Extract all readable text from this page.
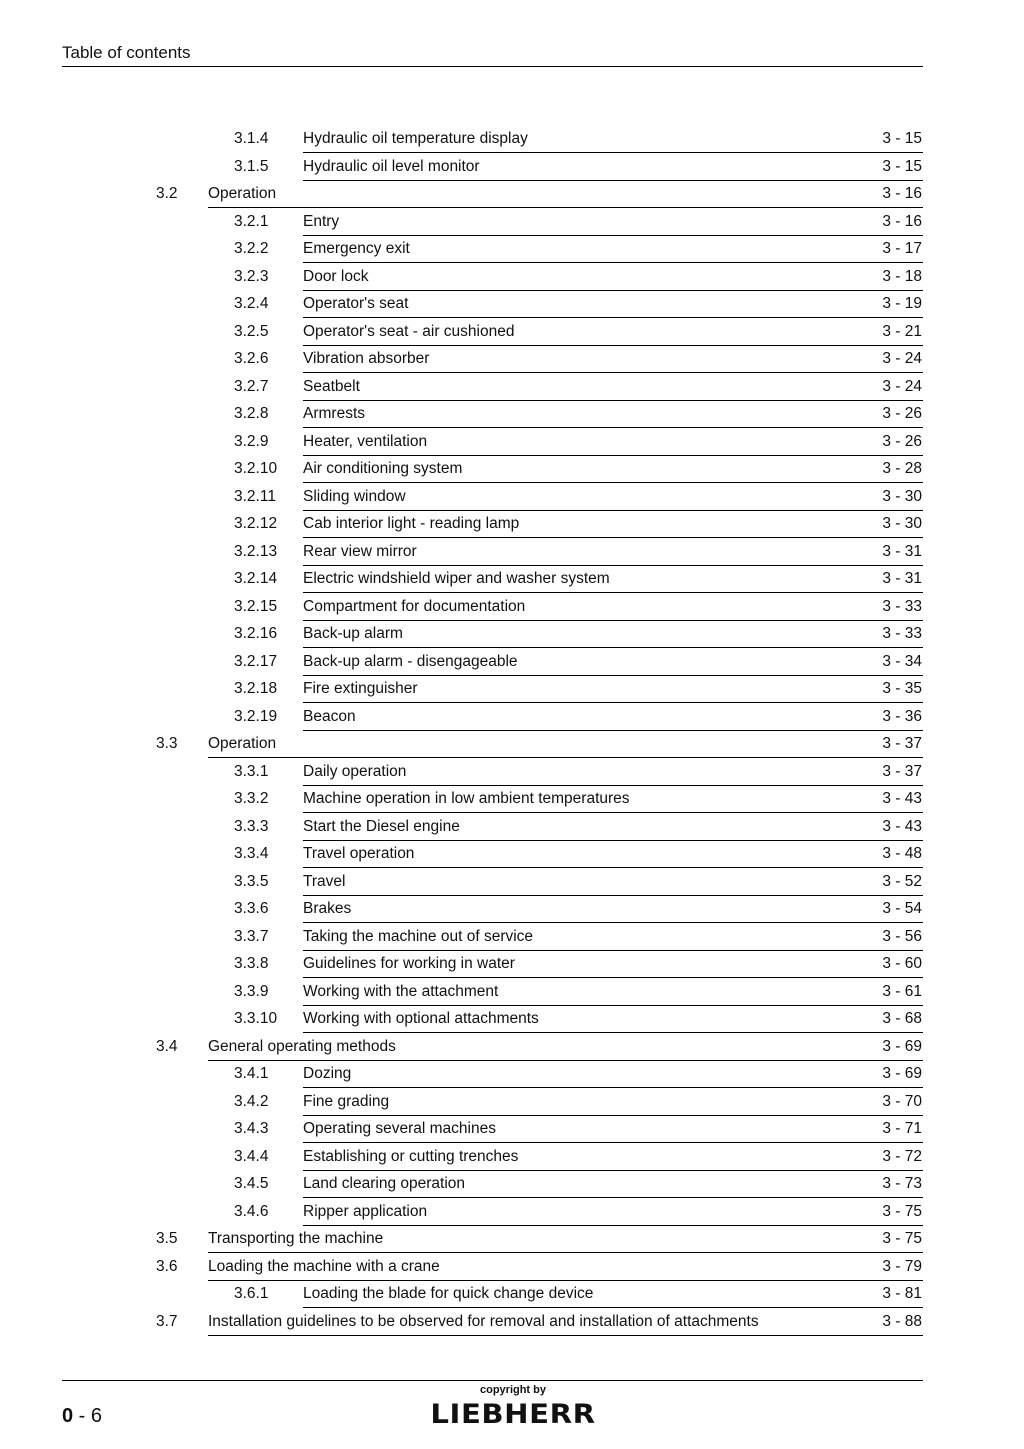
Table of contents
3.1.4 Hydraulic oil temperature display	3 - 15
3.1.5 Hydraulic oil level monitor	3 - 15
3.2 Operation	3 - 16
3.2.1 Entry	3 - 16
3.2.2 Emergency exit	3 - 17
3.2.3 Door lock	3 - 18
3.2.4 Operator's seat	3 - 19
3.2.5 Operator's seat - air cushioned	3 - 21
3.2.6 Vibration absorber	3 - 24
3.2.7 Seatbelt	3 - 24
3.2.8 Armrests	3 - 26
3.2.9 Heater, ventilation	3 - 26
3.2.10 Air conditioning system	3 - 28
3.2.11 Sliding window	3 - 30
3.2.12 Cab interior light - reading lamp	3 - 30
3.2.13 Rear view mirror	3 - 31
3.2.14 Electric windshield wiper and washer system	3 - 31
3.2.15 Compartment for documentation	3 - 33
3.2.16 Back-up alarm	3 - 33
3.2.17 Back-up alarm - disengageable	3 - 34
3.2.18 Fire extinguisher	3 - 35
3.2.19 Beacon	3 - 36
3.3 Operation	3 - 37
3.3.1 Daily operation	3 - 37
3.3.2 Machine operation in low ambient temperatures	3 - 43
3.3.3 Start the Diesel engine	3 - 43
3.3.4 Travel operation	3 - 48
3.3.5 Travel	3 - 52
3.3.6 Brakes	3 - 54
3.3.7 Taking the machine out of service	3 - 56
3.3.8 Guidelines for working in water	3 - 60
3.3.9 Working with the attachment	3 - 61
3.3.10 Working with optional attachments	3 - 68
3.4 General operating methods	3 - 69
3.4.1 Dozing	3 - 69
3.4.2 Fine grading	3 - 70
3.4.3 Operating several machines	3 - 71
3.4.4 Establishing or cutting trenches	3 - 72
3.4.5 Land clearing operation	3 - 73
3.4.6 Ripper application	3 - 75
3.5 Transporting the machine	3 - 75
3.6 Loading the machine with a crane	3 - 79
3.6.1 Loading the blade for quick change device	3 - 81
3.7 Installation guidelines to be observed for removal and installation of attachments	3 - 88
0 - 6
copyright by
LIEBHERR
